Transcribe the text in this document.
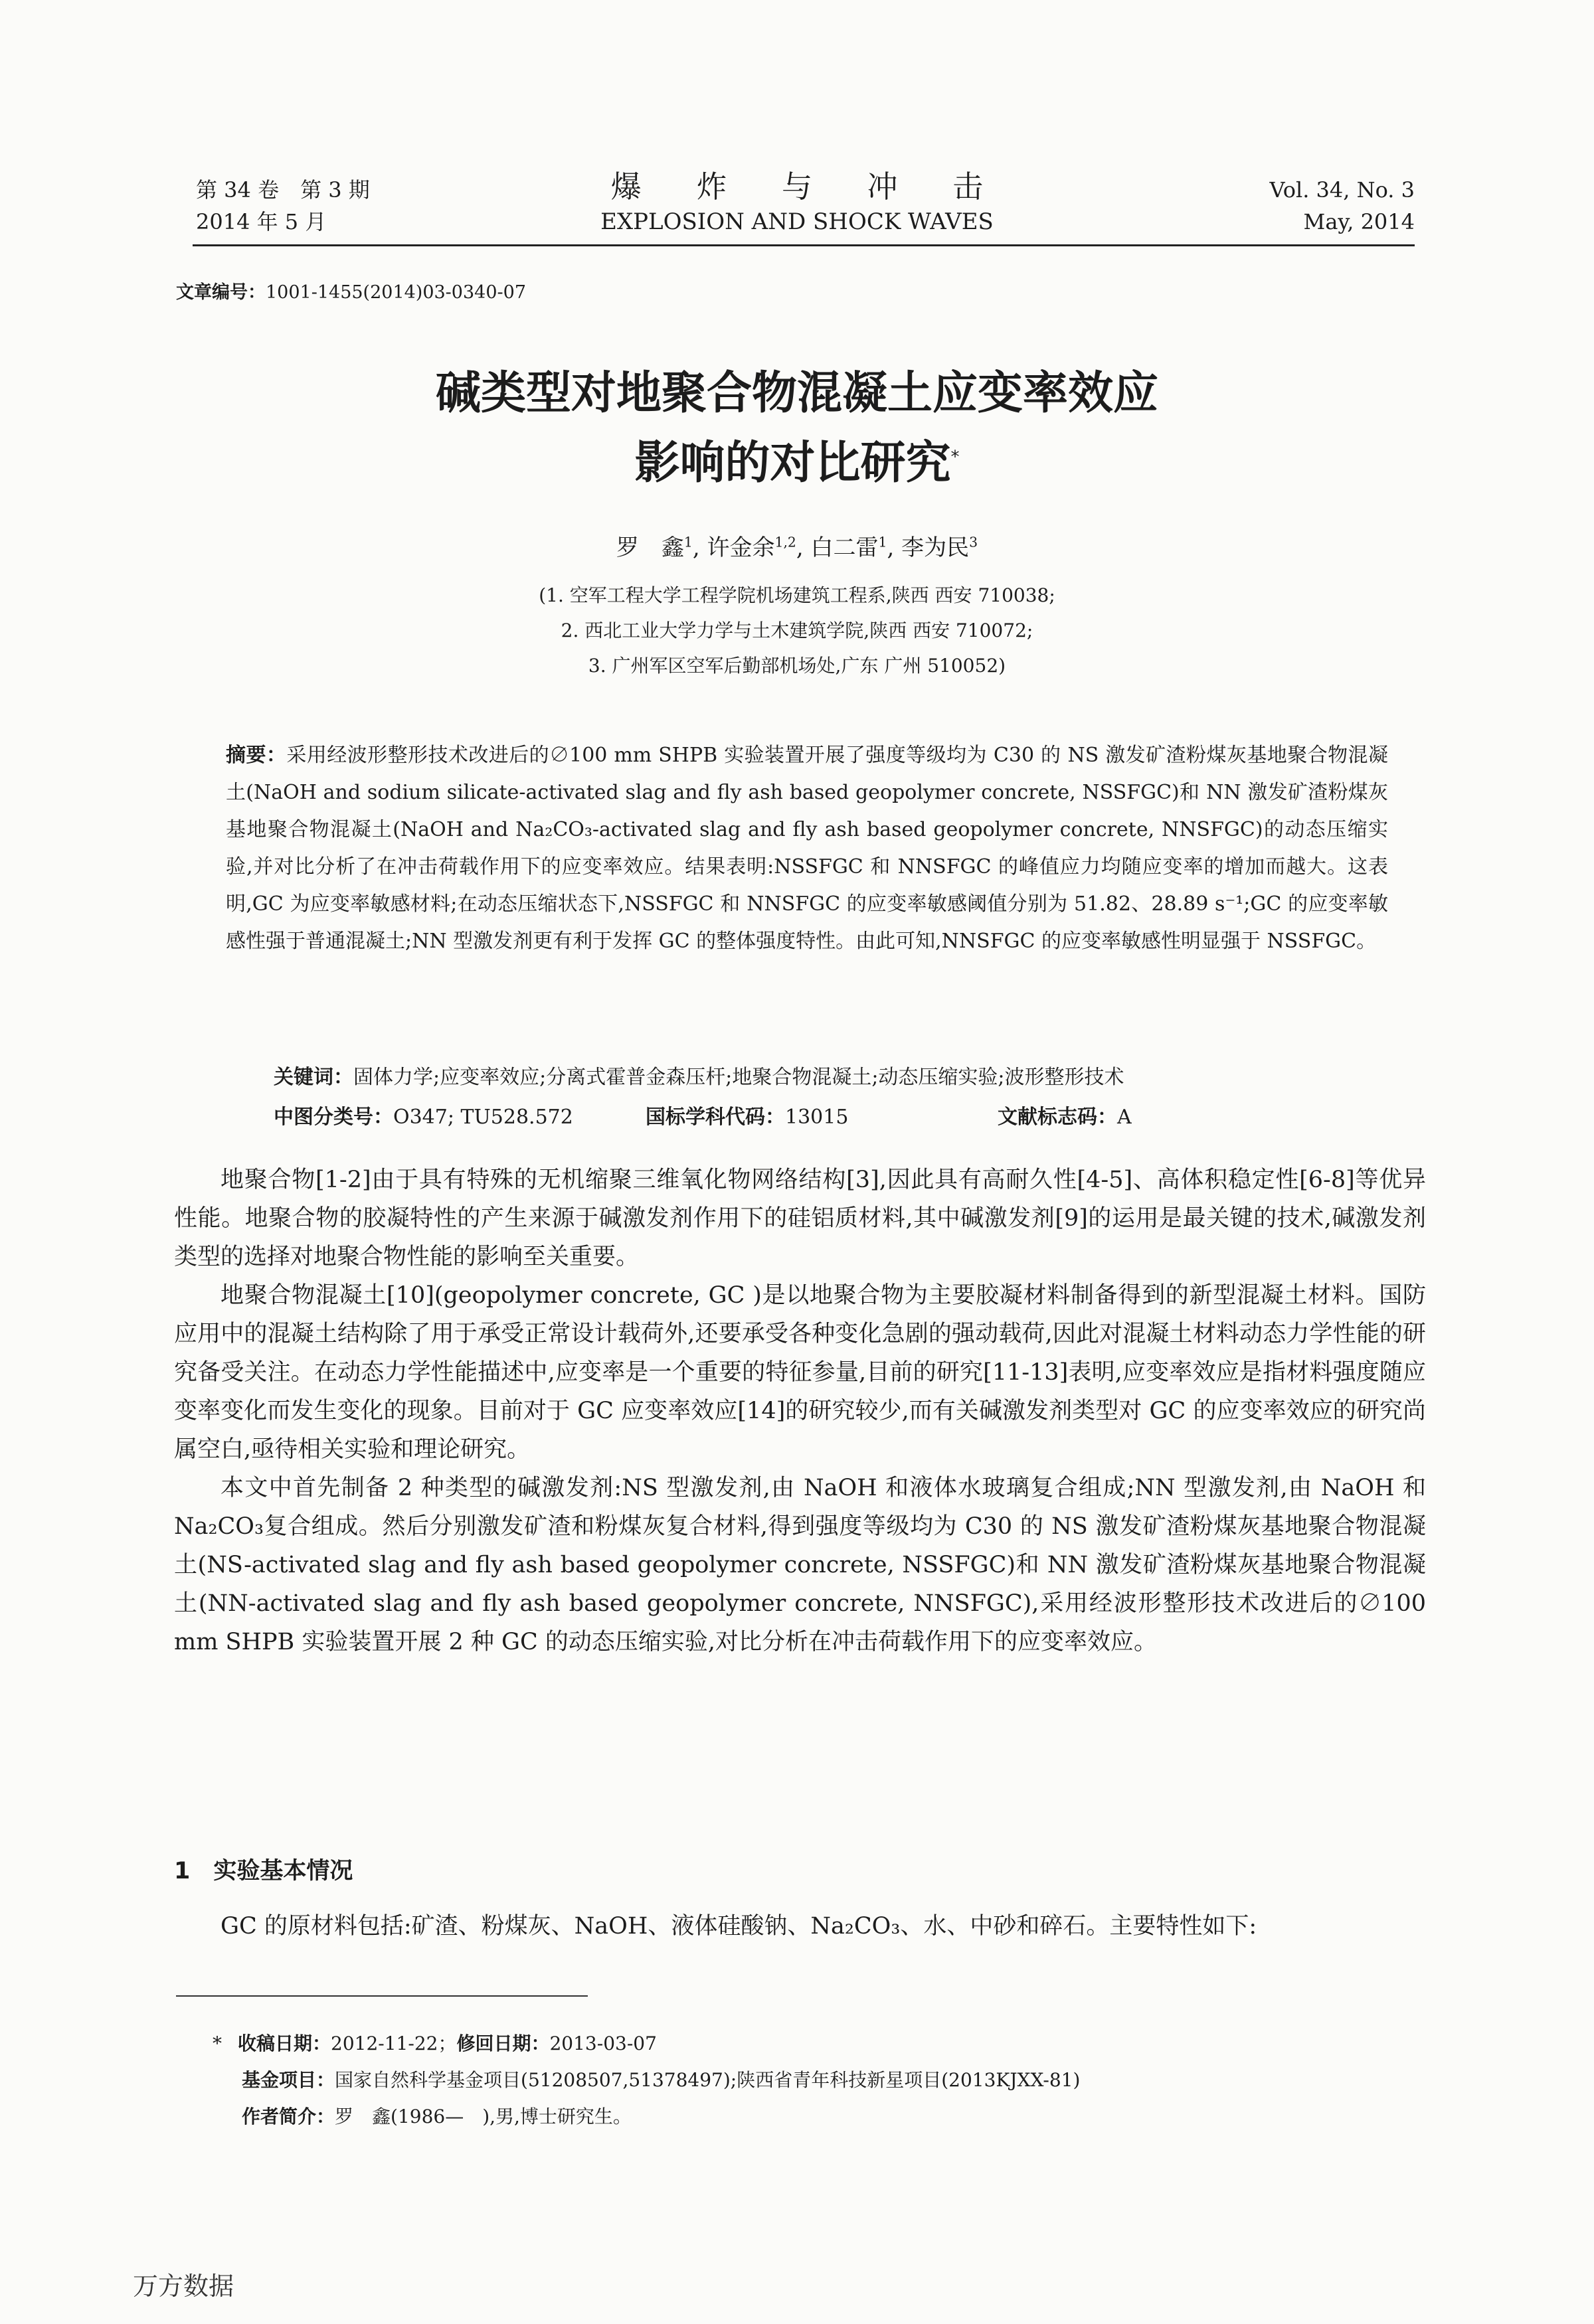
第 34 卷　第 3 期
2014 年 5 月
爆 炸 与 冲 击
EXPLOSION AND SHOCK WAVES
Vol. 34, No. 3
May, 2014
文章编号：1001-1455(2014)03-0340-07
碱类型对地聚合物混凝土应变率效应
影响的对比研究*
罗　鑫$^1$, 许金余$^{1,2}$, 白二雷$^1$, 李为民$^3$
(1. 空军工程大学工程学院机场建筑工程系,陕西 西安 710038;
2. 西北工业大学力学与土木建筑学院,陕西 西安 710072;
3. 广州军区空军后勤部机场处,广东 广州 510052)
摘要：采用经波形整形技术改进后的∅100 mm SHPB 实验装置开展了强度等级均为 C30 的 NS 激发矿渣粉煤灰基地聚合物混凝土(NaOH and sodium silicate-activated slag and fly ash based geopolymer concrete, NSSFGC)和 NN 激发矿渣粉煤灰基地聚合物混凝土(NaOH and Na₂CO₃-activated slag and fly ash based geopolymer concrete, NNSFGC)的动态压缩实验,并对比分析了在冲击荷载作用下的应变率效应。结果表明:NSSFGC 和 NNSFGC 的峰值应力均随应变率的增加而越大。这表明,GC 为应变率敏感材料;在动态压缩状态下,NSSFGC 和 NNSFGC 的应变率敏感阈值分别为 51.82、28.89 s⁻¹;GC 的应变率敏感性强于普通混凝土;NN 型激发剂更有利于发挥 GC 的整体强度特性。由此可知,NNSFGC 的应变率敏感性明显强于 NSSFGC。
关键词：固体力学;应变率效应;分离式霍普金森压杆;地聚合物混凝土;动态压缩实验;波形整形技术
中图分类号：O347; TU528.572	国标学科代码：13015	文献标志码：A

地聚合物[1-2]由于具有特殊的无机缩聚三维氧化物网络结构[3],因此具有高耐久性[4-5]、高体积稳定性[6-8]等优异性能。地聚合物的胶凝特性的产生来源于碱激发剂作用下的硅铝质材料,其中碱激发剂[9]的运用是最关键的技术,碱激发剂类型的选择对地聚合物性能的影响至关重要。

地聚合物混凝土[10](geopolymer concrete, GC )是以地聚合物为主要胶凝材料制备得到的新型混凝土材料。国防应用中的混凝土结构除了用于承受正常设计载荷外,还要承受各种变化急剧的强动载荷,因此对混凝土材料动态力学性能的研究备受关注。在动态力学性能描述中,应变率是一个重要的特征参量,目前的研究[11-13]表明,应变率效应是指材料强度随应变率变化而发生变化的现象。目前对于 GC 应变率效应[14]的研究较少,而有关碱激发剂类型对 GC 的应变率效应的研究尚属空白,亟待相关实验和理论研究。

本文中首先制备 2 种类型的碱激发剂:NS 型激发剂,由 NaOH 和液体水玻璃复合组成;NN 型激发剂,由 NaOH 和 Na₂CO₃复合组成。然后分别激发矿渣和粉煤灰复合材料,得到强度等级均为 C30 的 NS 激发矿渣粉煤灰基地聚合物混凝土(NS-activated slag and fly ash based geopolymer concrete, NSSFGC)和 NN 激发矿渣粉煤灰基地聚合物混凝土(NN-activated slag and fly ash based geopolymer concrete, NNSFGC),采用经波形整形技术改进后的∅100 mm SHPB 实验装置开展 2 种 GC 的动态压缩实验,对比分析在冲击荷载作用下的应变率效应。

1　实验基本情况
GC 的原材料包括:矿渣、粉煤灰、NaOH、液体硅酸钠、Na₂CO₃、水、中砂和碎石。主要特性如下:
* 收稿日期：2012-11-22；修回日期：2013-03-07
基金项目：国家自然科学基金项目(51208507,51378497);陕西省青年科技新星项目(2013KJXX-81)
作者简介：罗　鑫(1986—　),男,博士研究生。
万方数据
